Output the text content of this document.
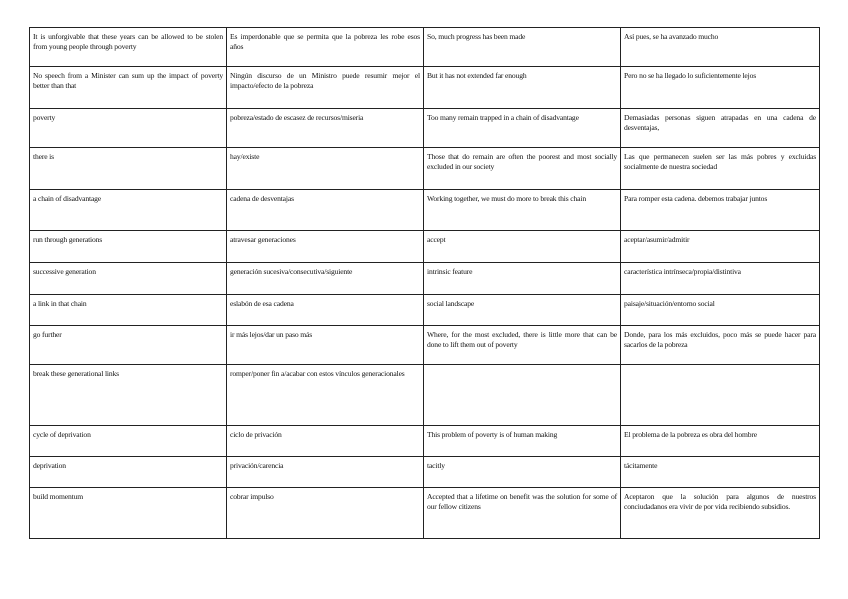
It is unforgivable that these years can be allowed to be stolen from young people through poverty	Es imperdonable que se permita que la pobreza les robe esos años	So, much progress has been made	Así pues, se ha avanzado mucho
No speech from a Minister can sum up the impact of poverty better than that	Ningún discurso de un Ministro puede resumir mejor el impacto/efecto de la pobreza	But it has not extended far enough	Pero no se ha llegado lo suficientemente lejos
poverty	pobreza/estado de escasez de recursos/miseria	Too many remain trapped in a chain of disadvantage	Demasiadas personas siguen atrapadas en una cadena de desventajas,
there is	hay/existe	Those that do remain are often the poorest and most socially excluded in our society	Las que permanecen suelen ser las más pobres y excluidas socialmente de nuestra sociedad
a chain of disadvantage	cadena de desventajas	Working together, we must do more to break this chain	Para romper esta cadena. debemos trabajar juntos
run through generations	atravesar generaciones	accept	aceptar/asumir/admitir
successive generation	generación sucesiva/consecutiva/siguiente	intrinsic feature	característica intrínseca/propia/distintiva
a link in that chain	eslabón de esa cadena	social landscape	paisaje/situación/entorno social
go further	ir más lejos/dar un paso más	Where, for the most excluded, there is little more that can be done to lift them out of poverty	Donde, para los más excluidos, poco más se puede hacer para sacarlos de la pobreza
break these generational links	romper/poner fin a/acabar con estos vínculos generacionales		
cycle of deprivation	ciclo de privación	This problem of poverty is of human making	El problema de la pobreza es obra del hombre
deprivation	privación/carencia	tacitly	tácitamente
build momentum	cobrar impulso	Accepted that a lifetime on benefit was the solution for some of our fellow citizens	Aceptaron que la solución para algunos de nuestros conciudadanos era vivir de por vida recibiendo subsidios.
